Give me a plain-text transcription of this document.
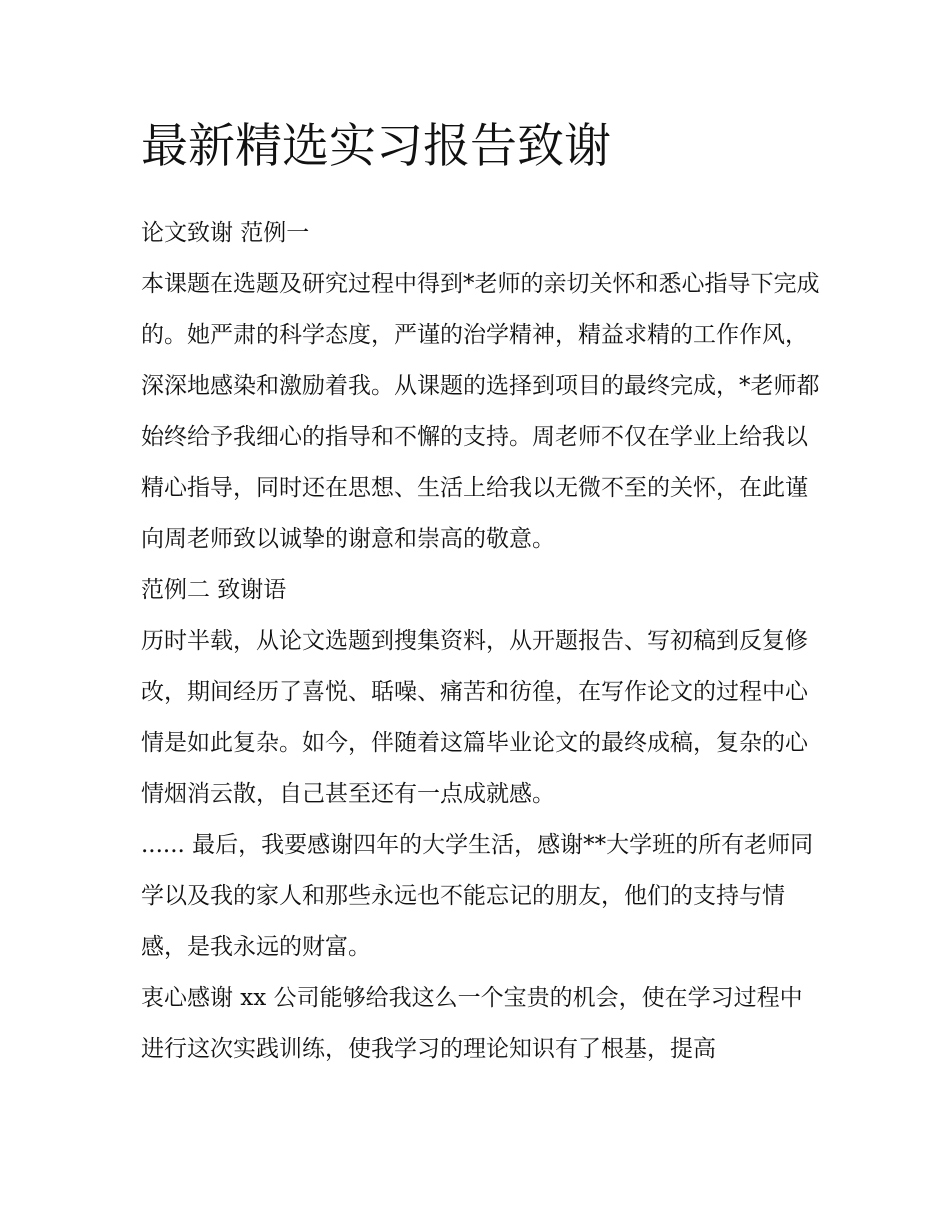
最新精选实习报告致谢

论文致谢 范例一

本课题在选题及研究过程中得到*老师的亲切关怀和悉心指导下完成的。她严肃的科学态度，严谨的治学精神，精益求精的工作作风，深深地感染和激励着我。从课题的选择到项目的最终完成，*老师都始终给予我细心的指导和不懈的支持。周老师不仅在学业上给我以精心指导，同时还在思想、生活上给我以无微不至的关怀，在此谨向周老师致以诚挚的谢意和崇高的敬意。

范例二 致谢语

历时半载，从论文选题到搜集资料，从开题报告、写初稿到反复修改，期间经历了喜悦、聒噪、痛苦和彷徨，在写作论文的过程中心情是如此复杂。如今，伴随着这篇毕业论文的最终成稿，复杂的心情烟消云散，自己甚至还有一点成就感。

...... 最后，我要感谢四年的大学生活，感谢**大学班的所有老师同学以及我的家人和那些永远也不能忘记的朋友，他们的支持与情感，是我永远的财富。

衷心感谢 xx 公司能够给我这么一个宝贵的机会，使在学习过程中进行这次实践训练，使我学习的理论知识有了根基，提高
